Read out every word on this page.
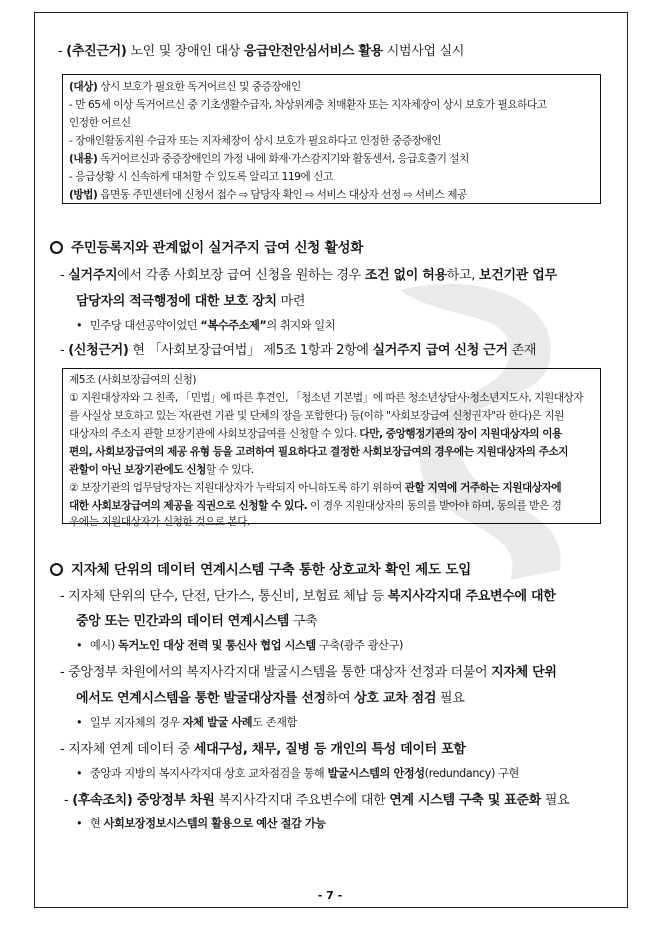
- (추진근거) 노인 및 장애인 대상 응급안전안심서비스 활용 시범사업 실시
(대상) 상시 보호가 필요한 독거어르신 및 중증장애인
- 만 65세 이상 독거어르신 중 기초생활수급자, 차상위계층 치매환자 또는 지자체장이 상시 보호가 필요하다고
인정한 어르신
- 장애인활동지원 수급자 또는 지자체장이 상시 보호가 필요하다고 인정한 중증장애인
(내용) 독거어르신과 중증장애인의 가정 내에 화재·가스감지기와 활동센서, 응급호출기 설치
- 응급상황 시 신속하게 대처할 수 있도록 알리고 119에 신고
(방법) 읍면동 주민센터에 신청서 접수 ⇨ 담당자 확인 ⇨ 서비스 대상자 선정 ⇨ 서비스 제공
주민등록지와 관계없이 실거주지 급여 신청 활성화
- 실거주지에서 각종 사회보장 급여 신청을 원하는 경우 조건 없이 허용하고, 보건기관 업무
담당자의 적극행정에 대한 보호 장치 마련
• 민주당 대선공약이었던 “복수주소제”의 취지와 일치
- (신청근거) 현 「사회보장급여법」 제5조 1항과 2항에 실거주지 급여 신청 근거 존재
제5조 (사회보장급여의 신청)
① 지원대상자와 그 친족, 「민법」에 따른 후견인, 「청소년 기본법」에 따른 청소년상담사·청소년지도사, 지원대상자
를 사실상 보호하고 있는 자(관련 기관 및 단체의 장을 포함한다) 등(이하 "사회보장급여 신청권자"라 한다)은 지원
대상자의 주소지 관할 보장기관에 사회보장급여를 신청할 수 있다. 다만, 중앙행정기관의 장이 지원대상자의 이용
편의, 사회보장급여의 제공 유형 등을 고려하여 필요하다고 결정한 사회보장급여의 경우에는 지원대상자의 주소지
관할이 아닌 보장기관에도 신청할 수 있다.
② 보장기관의 업무담당자는 지원대상자가 누락되지 아니하도록 하기 위하여 관할 지역에 거주하는 지원대상자에
대한 사회보장급여의 제공을 직권으로 신청할 수 있다. 이 경우 지원대상자의 동의를 받아야 하며, 동의를 받은 경
우에는 지원대상자가 신청한 것으로 본다.
지자체 단위의 데이터 연계시스템 구축 통한 상호교차 확인 제도 도입
- 지자체 단위의 단수, 단전, 단가스, 통신비, 보험료 체납 등 복지사각지대 주요변수에 대한
중앙 또는 민간과의 데이터 연계시스템 구축
• 예시) 독거노인 대상 전력 및 통신사 협업 시스템 구축(광주 광산구)
- 중앙정부 차원에서의 복지사각지대 발굴시스템을 통한 대상자 선정과 더불어 지자체 단위
에서도 연계시스템을 통한 발굴대상자를 선정하여 상호 교차 점검 필요
• 일부 지자체의 경우 자체 발굴 사례도 존재함
- 지자체 연계 데이터 중 세대구성, 채무, 질병 등 개인의 특성 데이터 포함
• 중앙과 지방의 복지사각지대 상호 교차점검을 통해 발굴시스템의 안정성(redundancy) 구현
- (후속조치) 중앙정부 차원 복지사각지대 주요변수에 대한 연계 시스템 구축 및 표준화 필요
• 현 사회보장정보시스템의 활용으로 예산 절감 가능
- 7 -
